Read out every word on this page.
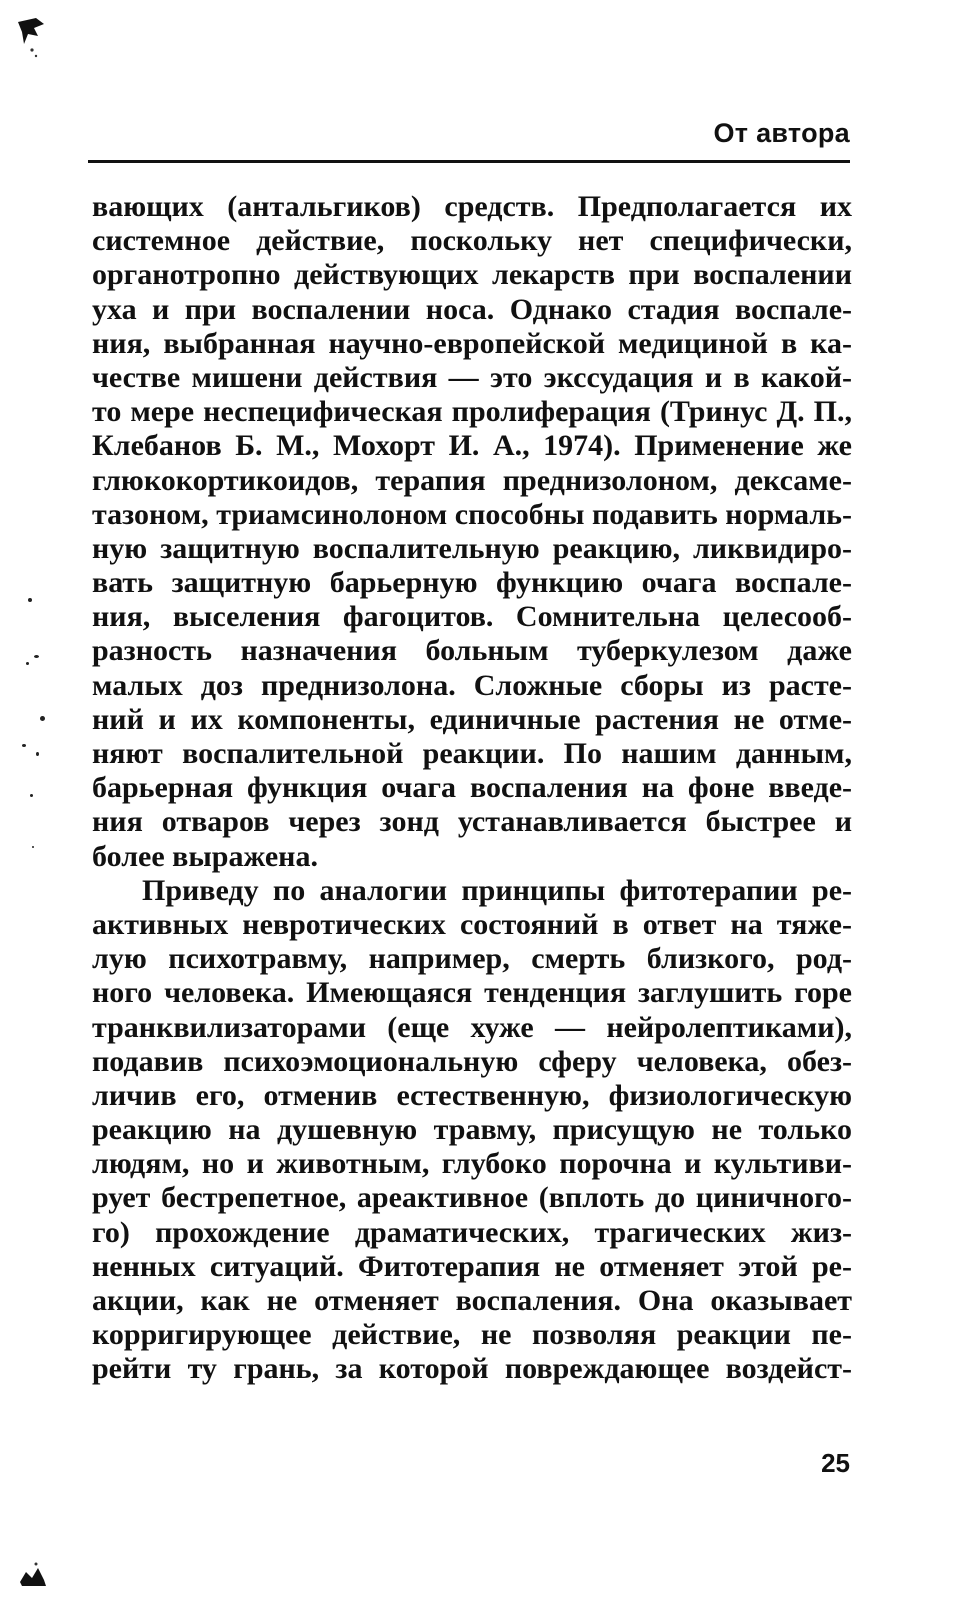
От автора
вающих (антальгиков) средств. Предполагается их
системное действие, поскольку нет специфически,
органотропно действующих лекарств при воспалении
уха и при воспалении носа. Однако стадия воспале-
ния, выбранная научно-европейской медициной в ка-
честве мишени действия — это экссудация и в какой-
то мере неспецифическая пролиферация (Тринус Д. П.,
Клебанов Б. М., Мохорт И. А., 1974). Применение же
глюкокортикоидов, терапия преднизолоном, дексаме-
тазоном, триамсинолоном способны подавить нормаль-
ную защитную воспалительную реакцию, ликвидиро-
вать защитную барьерную функцию очага воспале-
ния, выселения фагоцитов. Сомнительна целесооб-
разность назначения больным туберкулезом даже
малых доз преднизолона. Сложные сборы из расте-
ний и их компоненты, единичные растения не отме-
няют воспалительной реакции. По нашим данным,
барьерная функция очага воспаления на фоне введе-
ния отваров через зонд устанавливается быстрее и
более выражена.
Приведу по аналогии принципы фитотерапии ре-
активных невротических состояний в ответ на тяже-
лую психотравму, например, смерть близкого, род-
ного человека. Имеющаяся тенденция заглушить горе
транквилизаторами (еще хуже — нейролептиками),
подавив психоэмоциональную сферу человека, обез-
личив его, отменив естественную, физиологическую
реакцию на душевную травму, присущую не только
людям, но и животным, глубоко порочна и культиви-
рует бестрепетное, ареактивное (вплоть до циничного-
го) прохождение драматических, трагических жиз-
ненных ситуаций. Фитотерапия не отменяет этой ре-
акции, как не отменяет воспаления. Она оказывает
корригирующее действие, не позволяя реакции пе-
рейти ту грань, за которой повреждающее воздейст-
25
